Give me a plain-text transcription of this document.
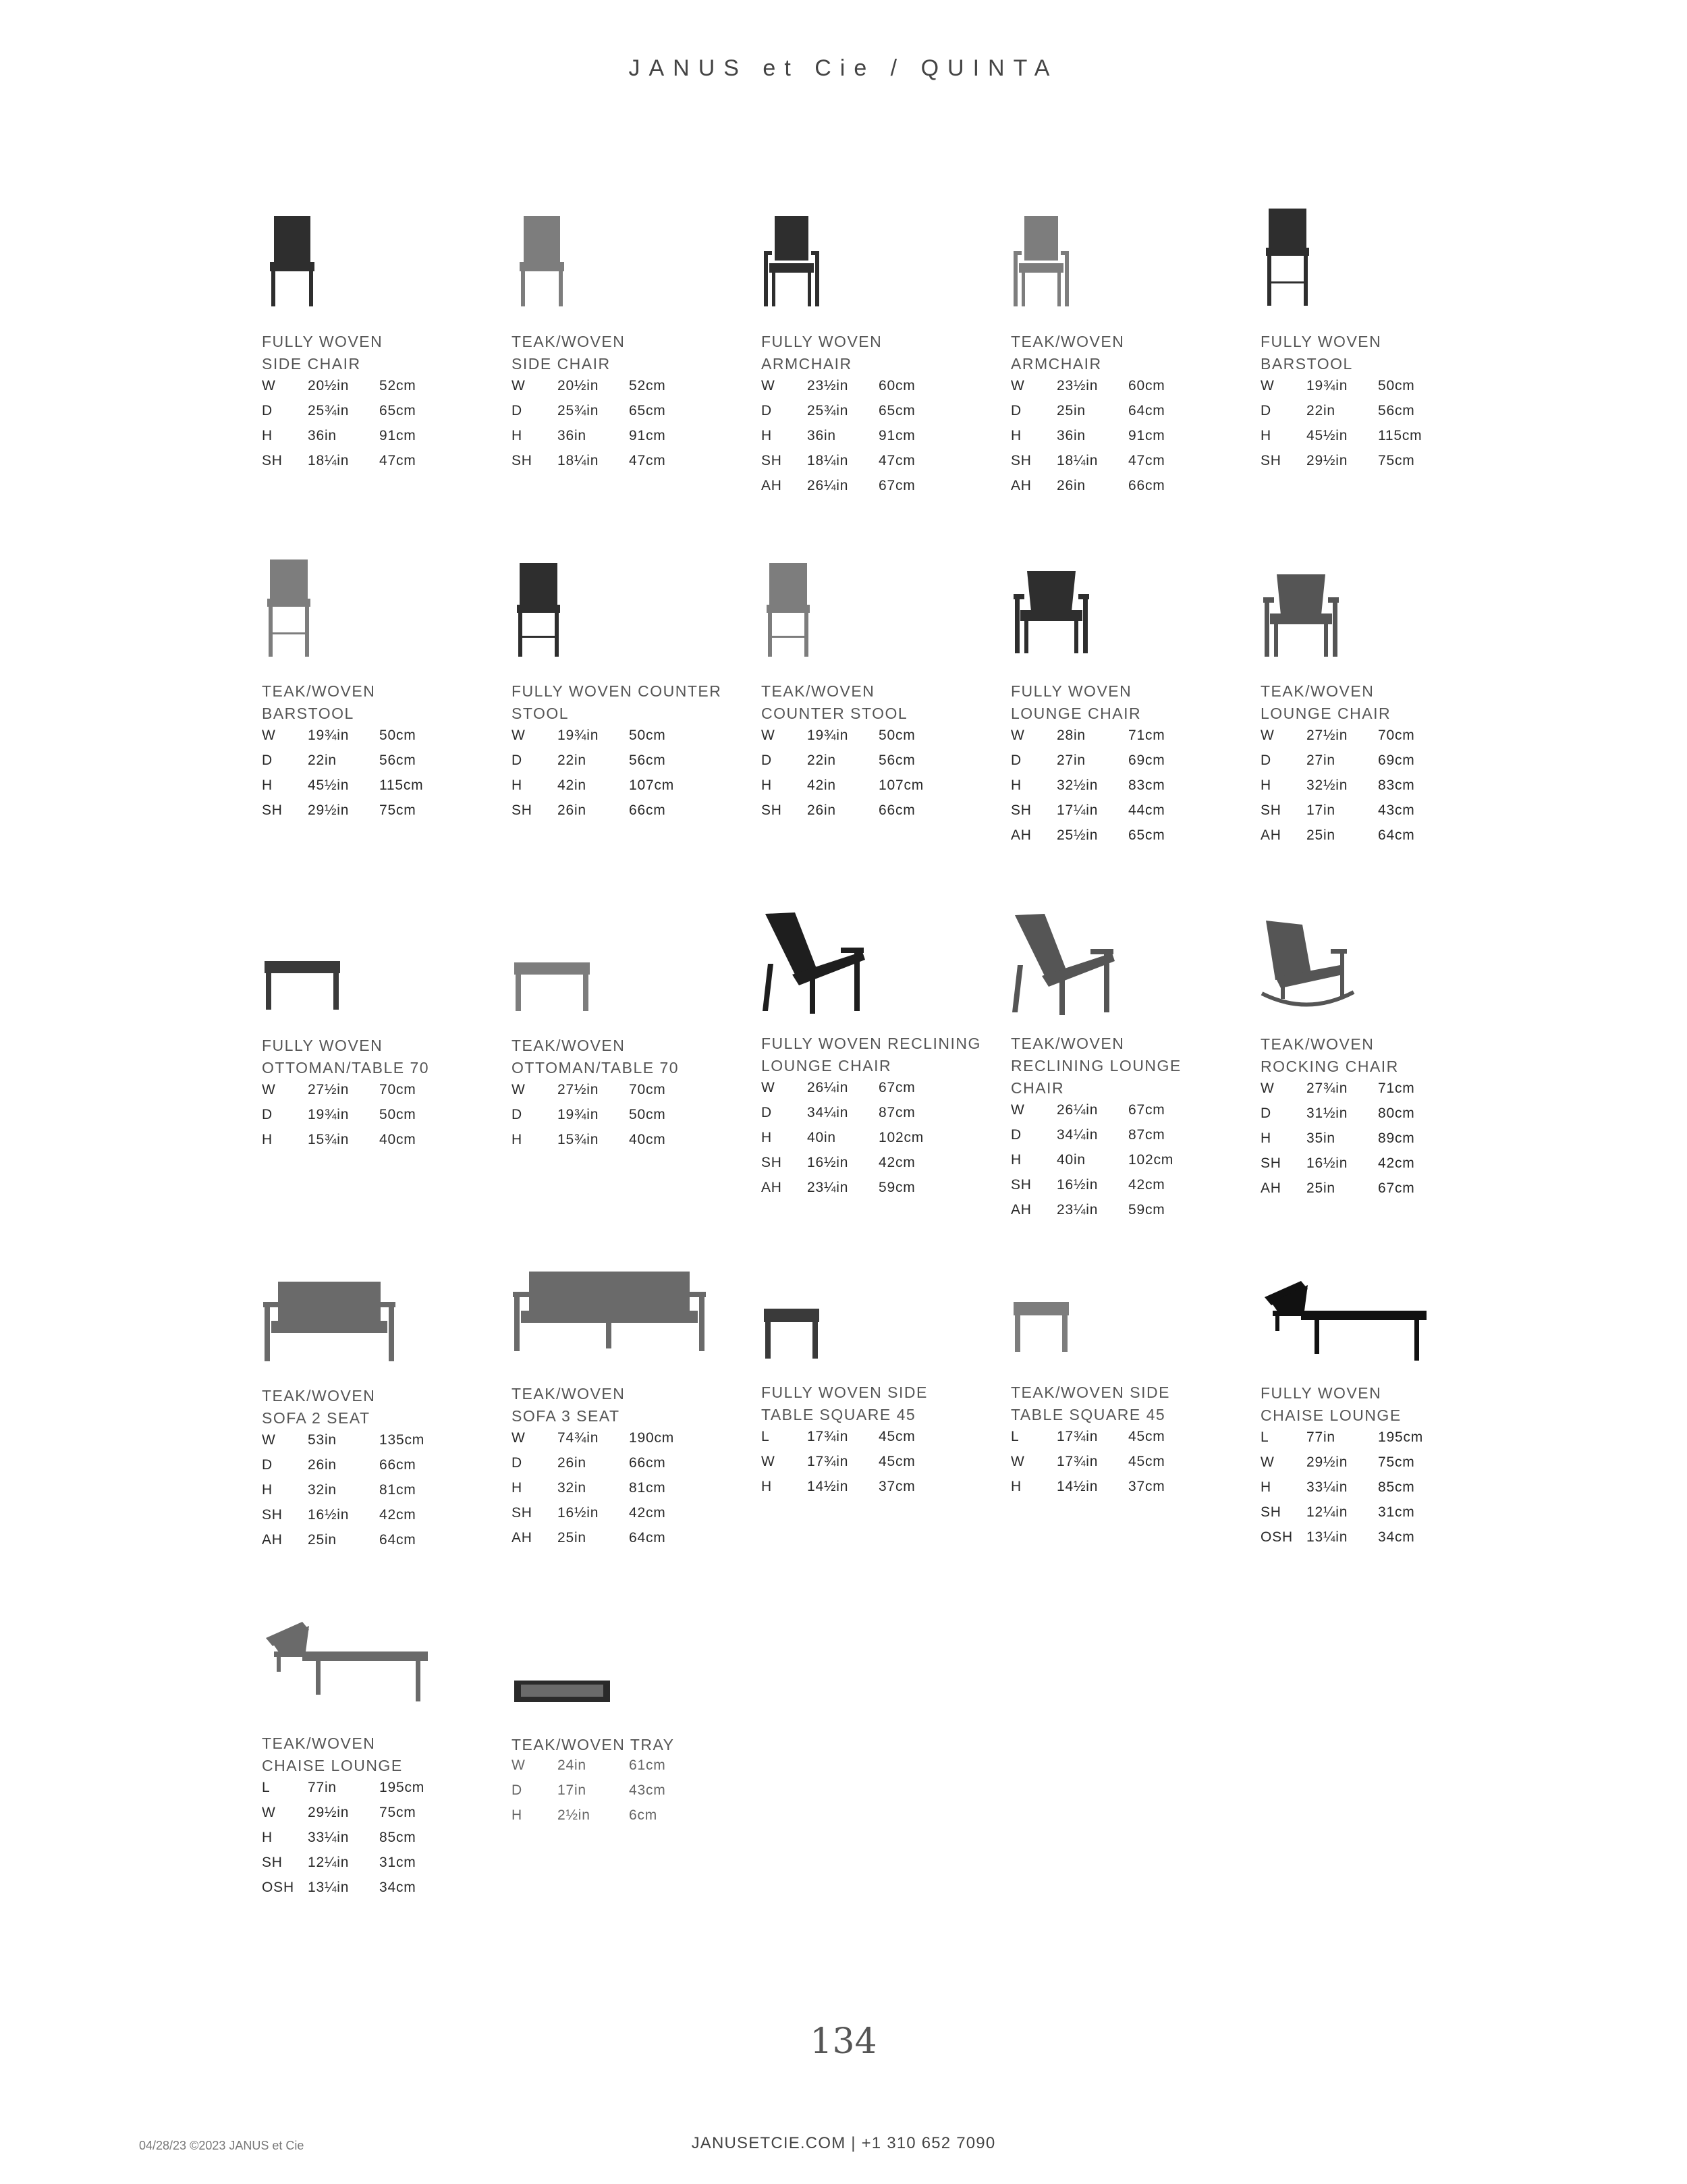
JANUS et Cie / QUINTA
FULLY WOVEN
SIDE CHAIR
W 20½in 52cm
D 25¾in 65cm
H 36in	91cm
SH 18¼in 47cm
TEAK/WOVEN
SIDE CHAIR
W 20½in 52cm
D 25¾in 65cm
H 36in	91cm
SH 18¼in 47cm
FULLY WOVEN
ARMCHAIR
W 23½in 60cm
D 25¾in 65cm
H 36in	91cm
SH 18¼in 47cm
AH 26¼in 67cm
TEAK/WOVEN
ARMCHAIR
W 23½in 60cm
D 25in	64cm
H 36in	91cm
SH 18¼in 47cm
AH 26in	66cm
FULLY WOVEN
BARSTOOL
W 19¾in 50cm
D 22in	56cm
H 45½in 115cm
SH 29½in 75cm
TEAK/WOVEN
BARSTOOL
W 19¾in 50cm
D 22in	56cm
H 45½in 115cm
SH 29½in 75cm
FULLY WOVEN COUNTER
STOOL
W 19¾in 50cm
D 22in	56cm
H 42in	107cm
SH 26in	66cm
TEAK/WOVEN
COUNTER STOOL
W 19¾in 50cm
D 22in	56cm
H 42in	107cm
SH 26in	66cm
FULLY WOVEN
LOUNGE CHAIR
W 28in	71cm
D 27in	69cm
H 32½in 83cm
SH 17¼in 44cm
AH 25½in 65cm
TEAK/WOVEN
LOUNGE CHAIR
W 27½in 70cm
D 27in	69cm
H 32½in 83cm
SH 17in	43cm
AH 25in	64cm
FULLY WOVEN
OTTOMAN/TABLE 70
W 27½in 70cm
D 19¾in 50cm
H 15¾in 40cm
TEAK/WOVEN
OTTOMAN/TABLE 70
W 27½in 70cm
D 19¾in 50cm
H 15¾in 40cm
FULLY WOVEN RECLINING
LOUNGE CHAIR
W 26¼in 67cm
D 34¼in 87cm
H 40in	102cm
SH 16½in 42cm
AH 23¼in 59cm
TEAK/WOVEN
RECLINING LOUNGE
CHAIR
W 26¼in 67cm
D 34¼in 87cm
H 40in	102cm
SH 16½in 42cm
AH 23¼in 59cm
TEAK/WOVEN
ROCKING CHAIR
W 27¾in 71cm
D 31½in 80cm
H 35in	89cm
SH 16½in 42cm
AH 25in	67cm
TEAK/WOVEN
SOFA 2 SEAT
W 53in	135cm
D 26in	66cm
H 32in	81cm
SH 16½in 42cm
AH 25in	64cm
TEAK/WOVEN
SOFA 3 SEAT
W 74¾in 190cm
D 26in	66cm
H 32in	81cm
SH 16½in 42cm
AH 25in	64cm
FULLY WOVEN SIDE
TABLE SQUARE 45
L	17¾in 45cm
W 17¾in 45cm
H 14½in 37cm
TEAK/WOVEN SIDE
TABLE SQUARE 45
L	17¾in 45cm
W 17¾in 45cm
H 14½in 37cm
FULLY WOVEN
CHAISE LOUNGE
L	77in	195cm
W 29½in 75cm
H 33¼in 85cm
SH 12¼in 31cm
OSH 13¼in 34cm
TEAK/WOVEN
CHAISE LOUNGE
L	77in	195cm
W 29½in 75cm
H 33¼in 85cm
SH 12¼in 31cm
OSH 13¼in 34cm
TEAK/WOVEN TRAY
W 24in	61cm
D 17in	43cm
H 2½in	6cm
134
04/28/23 ©2023 JANUS et Cie	JANUSETCIE.COM | +1 310 652 7090
